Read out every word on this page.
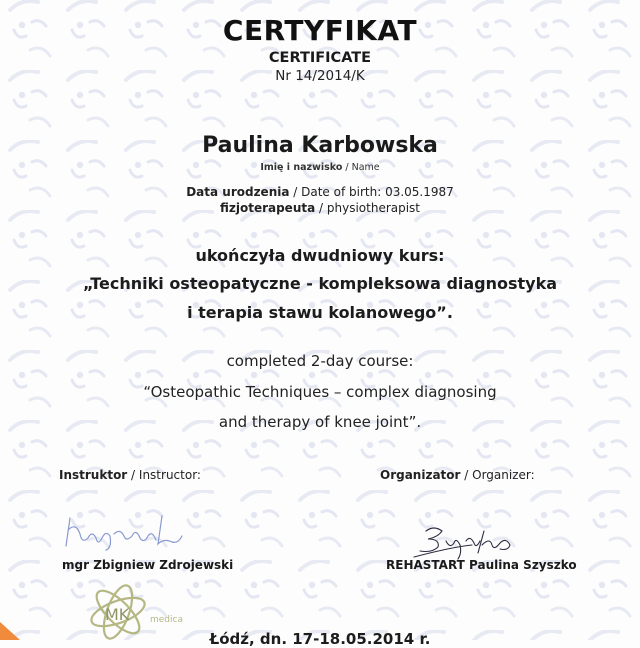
CERTYFIKAT
CERTIFICATE
Nr 14/2014/K
Paulina Karbowska
Imię i nazwisko / Name
Data urodzenia / Date of birth: 03.05.1987
fizjoterapeuta / physiotherapist
ukończyła dwudniowy kurs:
„Techniki osteopatyczne - kompleksowa diagnostyka
i terapia stawu kolanowego”.
completed 2-day course:
“Osteopathic Techniques – complex diagnosing
and therapy of knee joint”.
Instruktor / Instructor:	Organizator / Organizer:
mgr Zbigniew Zdrojewski	REHASTART Paulina Szyszko
MK medica
Łódź, dn. 17-18.05.2014 r.
